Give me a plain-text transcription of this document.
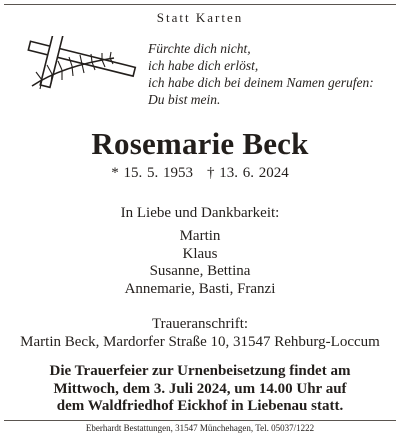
Statt Karten
Fürchte dich nicht,
ich habe dich erlöst,
ich habe dich bei deinem Namen gerufen:
Du bist mein.
Rosemarie Beck
* 15. 5. 1953 † 13. 6. 2024
In Liebe und Dankbarkeit:
Martin
Klaus
Susanne, Bettina
Annemarie, Basti, Franzi
Traueranschrift:
Martin Beck, Mardorfer Straße 10, 31547 Rehburg-Loccum
Die Trauerfeier zur Urnenbeisetzung findet am
Mittwoch, dem 3. Juli 2024, um 14.00 Uhr auf
dem Waldfriedhof Eickhof in Liebenau statt.
Eberhardt Bestattungen, 31547 Münchehagen, Tel. 05037/1222
